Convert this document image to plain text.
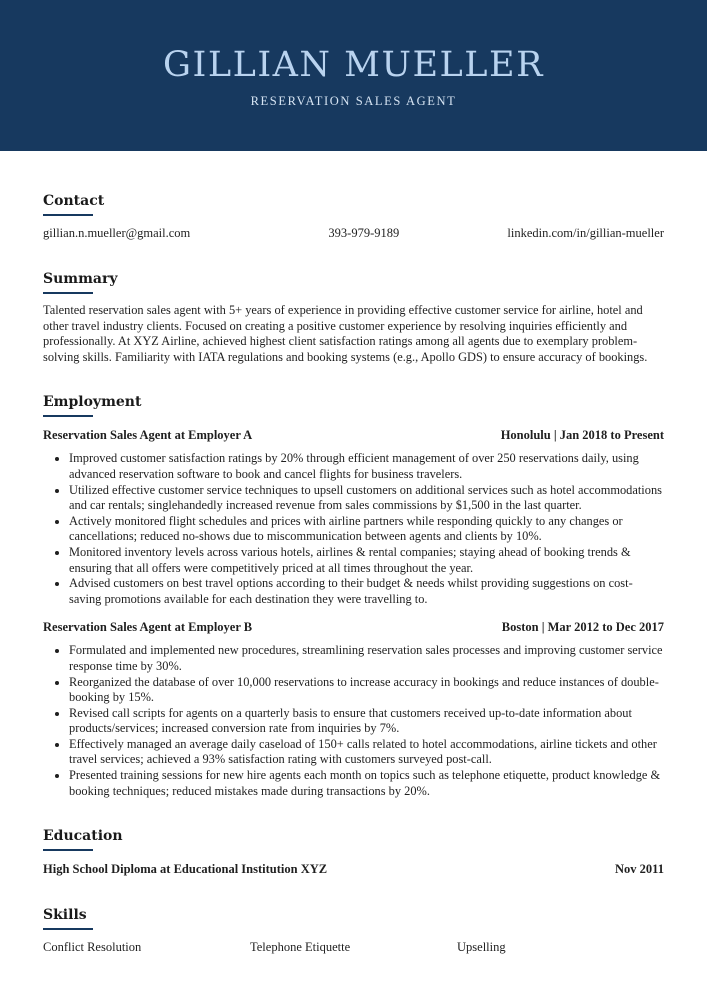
GILLIAN MUELLER
RESERVATION SALES AGENT
Contact
gillian.n.mueller@gmail.com	393-979-9189	linkedin.com/in/gillian-mueller
Summary

Talented reservation sales agent with 5+ years of experience in providing effective customer service for airline, hotel and other travel industry clients. Focused on creating a positive customer experience by resolving inquiries efficiently and professionally. At XYZ Airline, achieved highest client satisfaction ratings among all agents due to exemplary problem-solving skills. Familiarity with IATA regulations and booking systems (e.g., Apollo GDS) to ensure accuracy of bookings.

Employment
Reservation Sales Agent at Employer A	Honolulu | Jan 2018 to Present
• Improved customer satisfaction ratings by 20% through efficient management of over 250 reservations daily, using advanced reservation software to book and cancel flights for business travelers.
• Utilized effective customer service techniques to upsell customers on additional services such as hotel accommodations and car rentals; singlehandedly increased revenue from sales commissions by $1,500 in the last quarter.
• Actively monitored flight schedules and prices with airline partners while responding quickly to any changes or cancellations; reduced no-shows due to miscommunication between agents and clients by 10%.
• Monitored inventory levels across various hotels, airlines & rental companies; staying ahead of booking trends & ensuring that all offers were competitively priced at all times throughout the year.
• Advised customers on best travel options according to their budget & needs whilst providing suggestions on cost-saving promotions available for each destination they were travelling to.
Reservation Sales Agent at Employer B	Boston | Mar 2012 to Dec 2017
• Formulated and implemented new procedures, streamlining reservation sales processes and improving customer service response time by 30%.
• Reorganized the database of over 10,000 reservations to increase accuracy in bookings and reduce instances of double-booking by 15%.
• Revised call scripts for agents on a quarterly basis to ensure that customers received up-to-date information about products/services; increased conversion rate from inquiries by 7%.
• Effectively managed an average daily caseload of 150+ calls related to hotel accommodations, airline tickets and other travel services; achieved a 93% satisfaction rating with customers surveyed post-call.
• Presented training sessions for new hire agents each month on topics such as telephone etiquette, product knowledge & booking techniques; reduced mistakes made during transactions by 20%.
Education
High School Diploma at Educational Institution XYZ	Nov 2011
Skills
Conflict Resolution	Telephone Etiquette	Upselling
